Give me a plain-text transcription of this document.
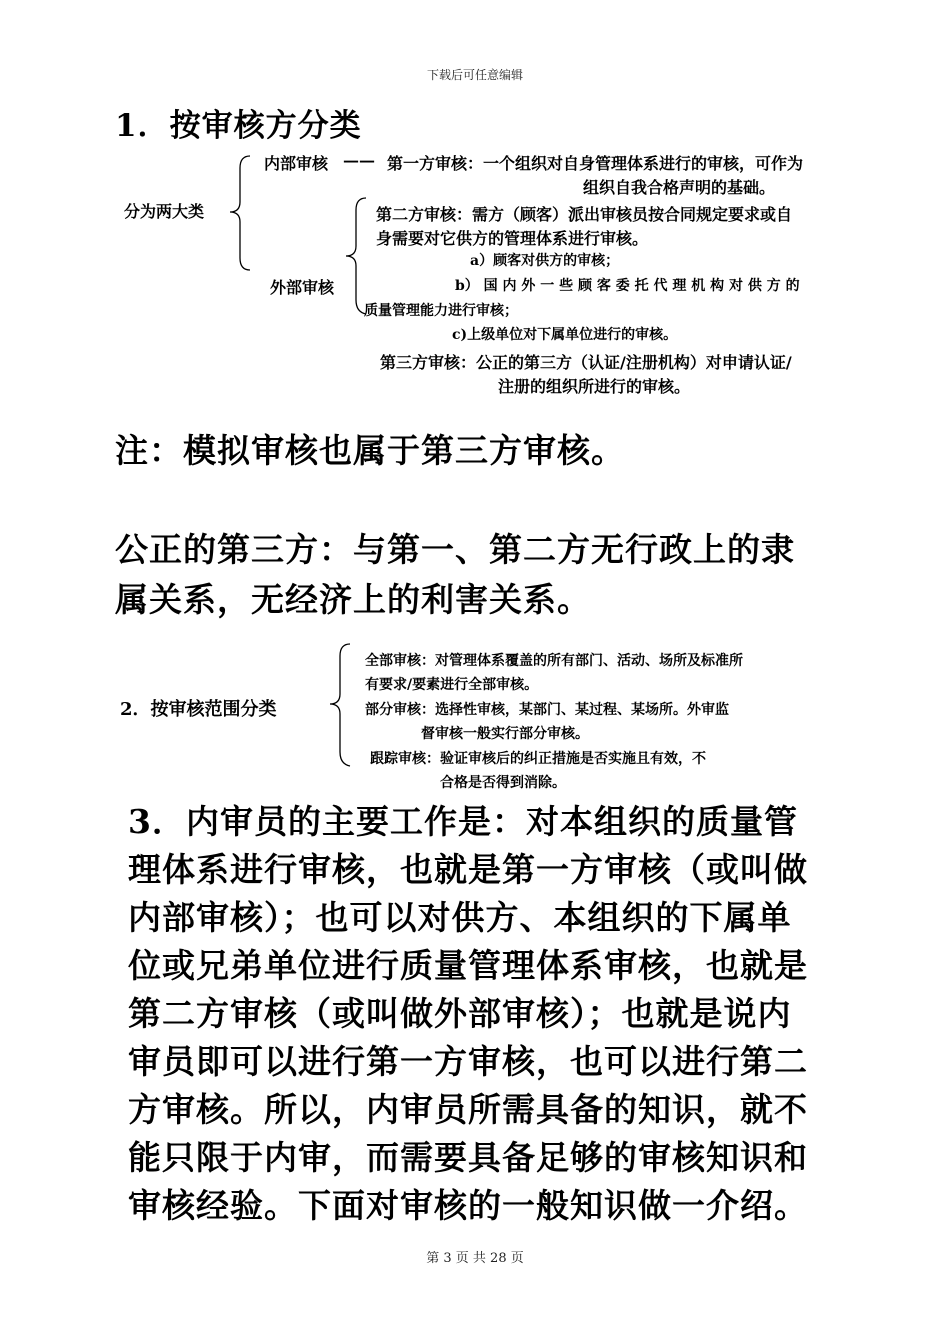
下载后可任意编辑
1．按审核方分类
分为两大类
内部审核 —— 第一方审核：一个组织对自身管理体系进行的审核，可作为
组织自我合格声明的基础。
外部审核
第二方审核：需方（顾客）派出审核员按合同规定要求或自
身需要对它供方的管理体系进行审核。
a）顾客对供方的审核；
b） 国 内 外 一 些 顾 客 委 托 代 理 机 构 对 供 方 的
质量管理能力进行审核；
c)上级单位对下属单位进行的审核。
第三方审核：公正的第三方（认证/注册机构）对申请认证/
注册的组织所进行的审核。
注：模拟审核也属于第三方审核。
公正的第三方：与第一、第二方无行政上的隶
属关系，无经济上的利害关系。
2．按审核范围分类
全部审核：对管理体系覆盖的所有部门、活动、场所及标准所
有要求/要素进行全部审核。
部分审核：选择性审核，某部门、某过程、某场所。外审监
督审核一般实行部分审核。
跟踪审核：验证审核后的纠正措施是否实施且有效，不
合格是否得到消除。
3．内审员的主要工作是：对本组织的质量管
理体系进行审核，也就是第一方审核（或叫做
内部审核）；也可以对供方、本组织的下属单
位或兄弟单位进行质量管理体系审核，也就是
第二方审核（或叫做外部审核）；也就是说内
审员即可以进行第一方审核，也可以进行第二
方审核。所以，内审员所需具备的知识，就不
能只限于内审，而需要具备足够的审核知识和
审核经验。下面对审核的一般知识做一介绍。
第 3 页 共 28 页
